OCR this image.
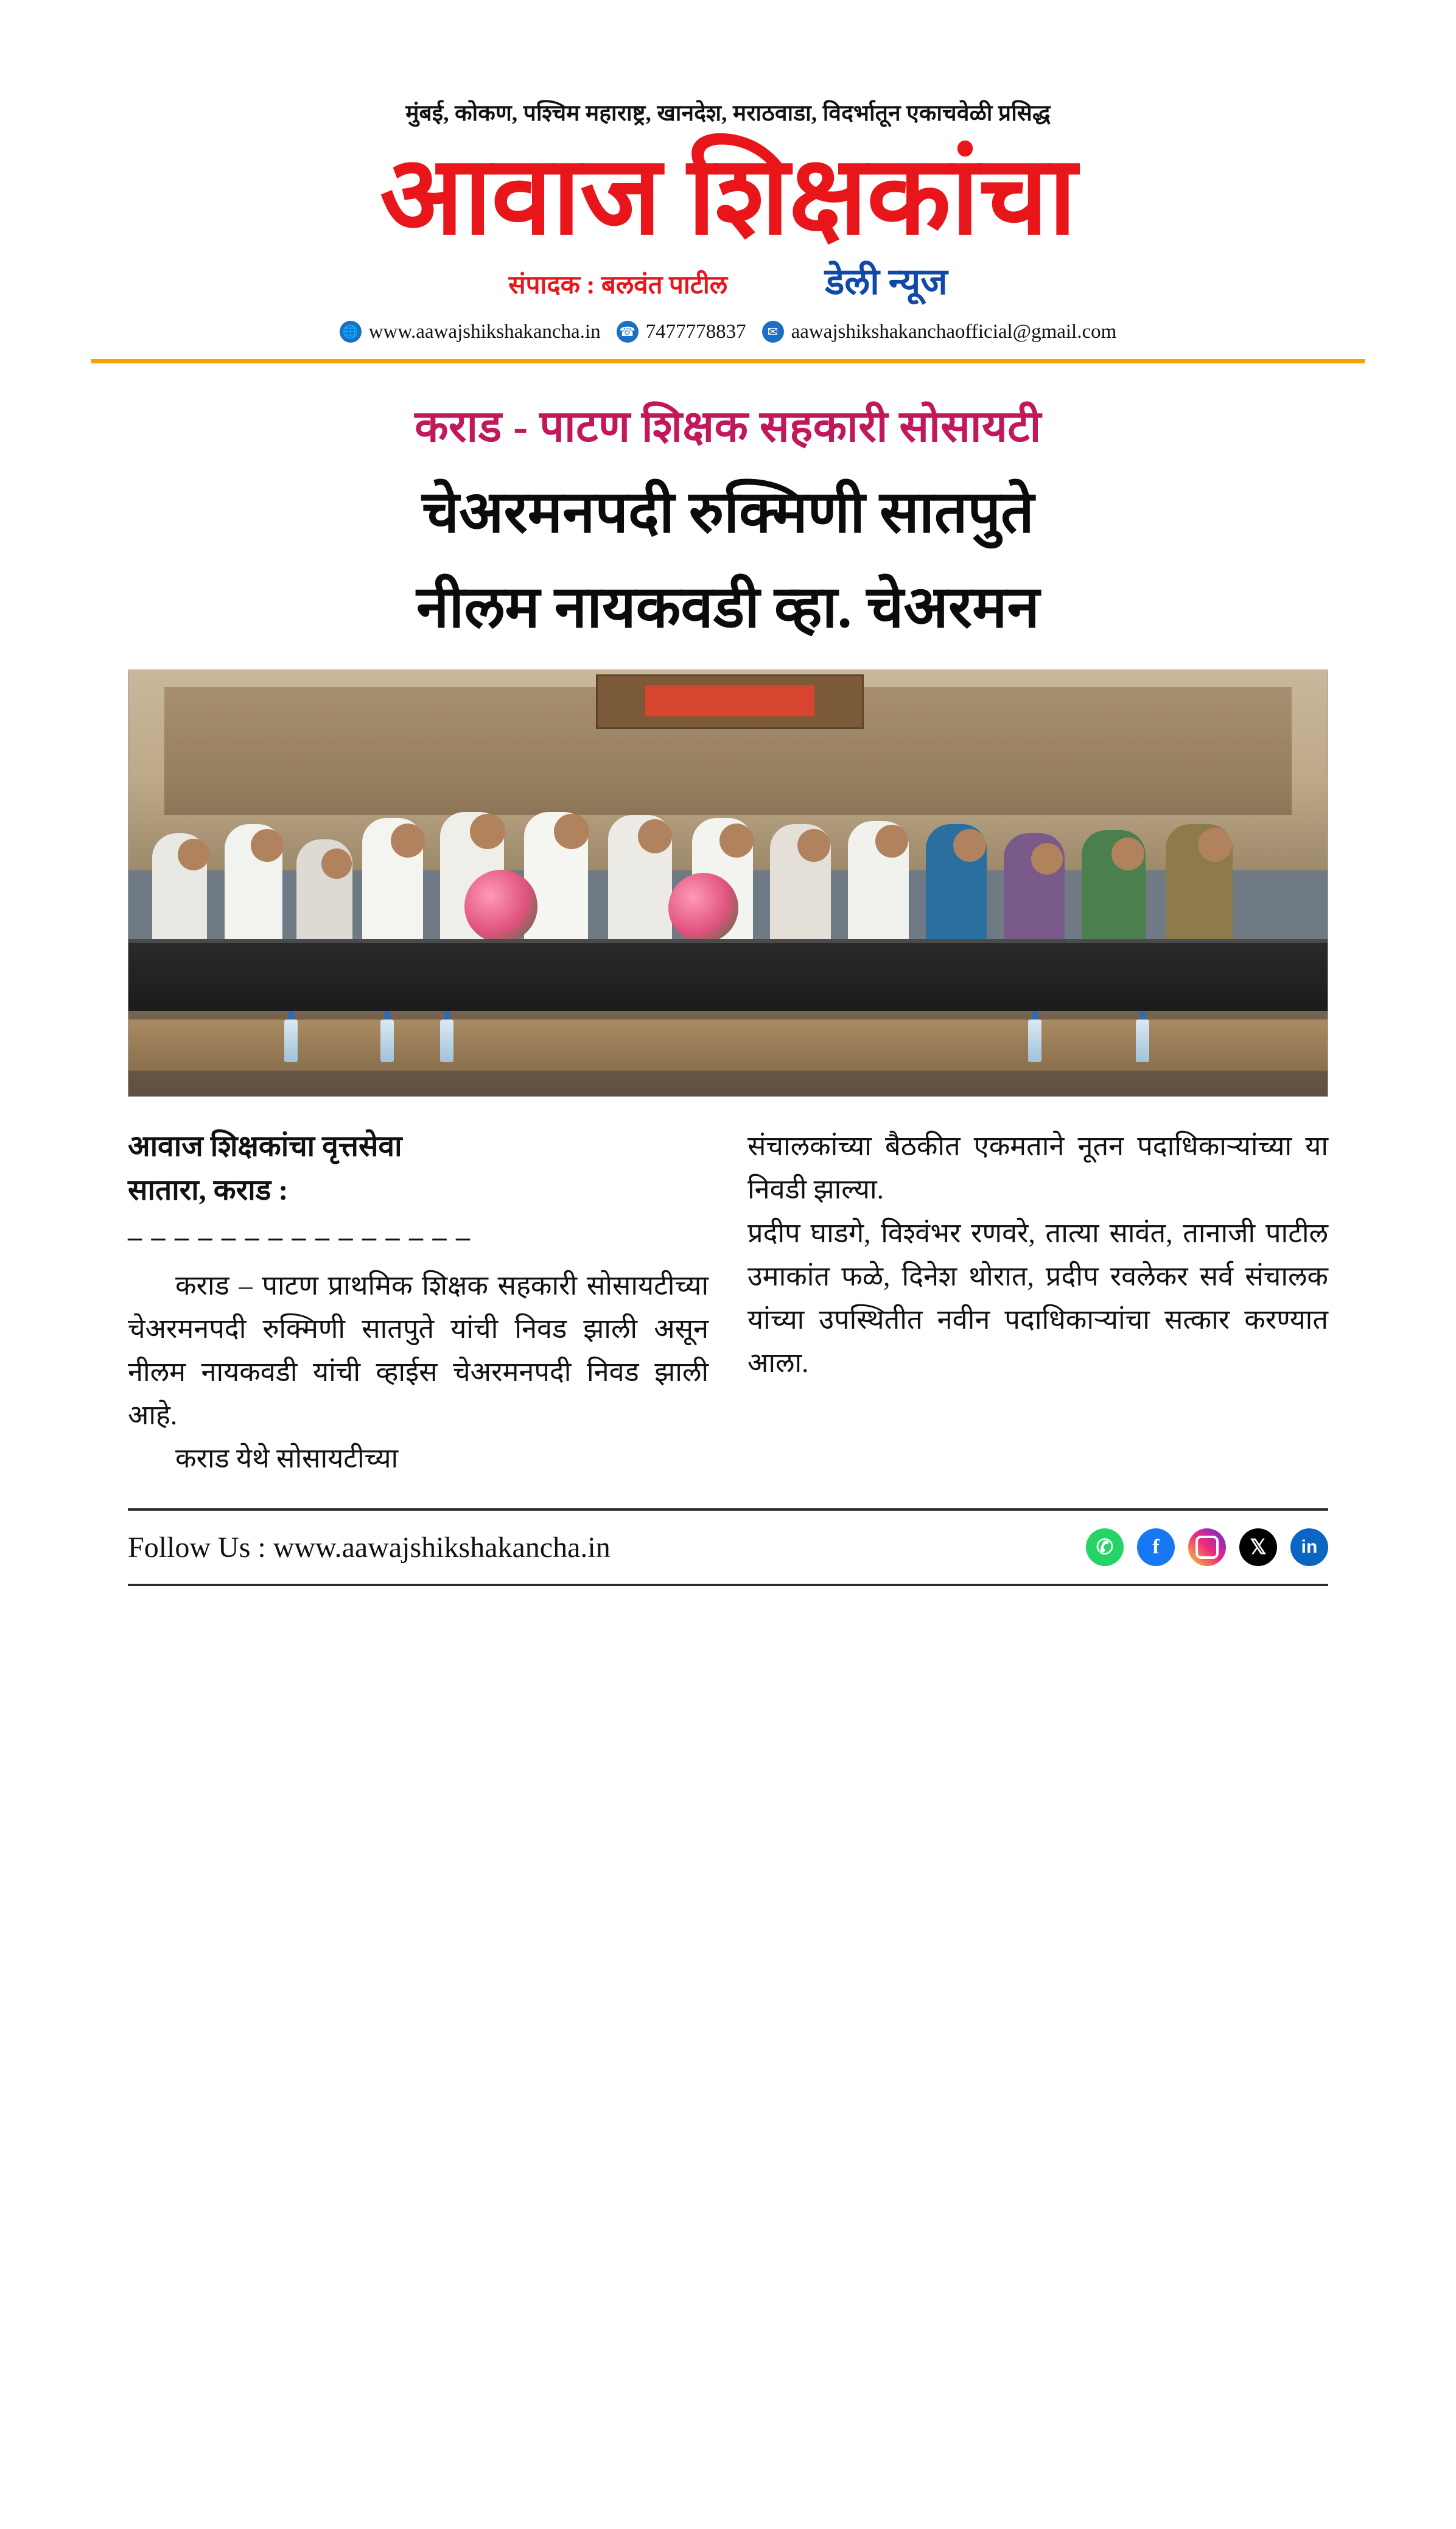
मुंबई, कोकण, पश्चिम महाराष्ट्र, खानदेश, मराठवाडा, विदर्भातून एकाचवेळी प्रसिद्ध
आवाज शिक्षकांचा
संपादक : बलवंत पाटील	डेली न्यूज
🌐 www.aawajshikshakancha.in ☎ 7477778837	✉ aawajshikshakanchaofficial@gmail.com
कराड - पाटण शिक्षक सहकारी सोसायटी
चेअरमनपदी रुक्मिणी सातपुते
नीलम नायकवडी व्हा. चेअरमन
आवाज शिक्षकांचा वृत्तसेवा
सातारा, कराड :
– – – – – – – – – – – – – – –
कराड – पाटण प्राथमिक शिक्षक सहकारी सोसायटीच्या चेअरमनपदी रुक्मिणी सातपुते यांची निवड झाली असून नीलम नायकवडी यांची व्हाईस चेअरमनपदी निवड झाली आहे.
कराड येथे सोसायटीच्या
संचालकांच्या बैठकीत एकमताने नूतन पदाधिकाऱ्यांच्या या निवडी झाल्या.
प्रदीप घाडगे, विश्वंभर रणवरे, तात्या सावंत, तानाजी पाटील उमाकांत फळे, दिनेश थोरात, प्रदीप रवलेकर सर्व संचालक यांच्या उपस्थितीत नवीन पदाधिकाऱ्यांचा सत्कार करण्यात आला.
Follow Us : www.aawajshikshakancha.in	✆	f	𝕏	in
